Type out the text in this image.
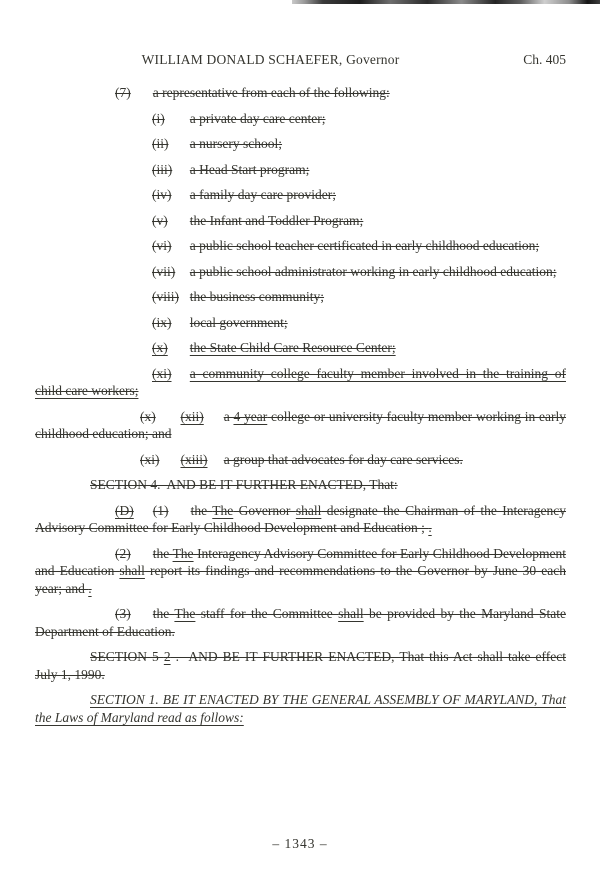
WILLIAM DONALD SCHAEFER, Governor	Ch. 405

(7) a representative from each of the following:

(i) a private day care center;

(ii) a nursery school;

(iii) a Head Start program;

(iv) a family day care provider;

(v) the Infant and Toddler Program;

(vi) a public school teacher certificated in early childhood education;

(vii) a public school administrator working in early childhood education;

(viii) the business community;

(ix) local government;

(x) the State Child Care Resource Center;

(xi) a community college faculty member involved in the training of child care workers;

(x) (xii) a 4 year college or university faculty member working in early childhood education; and

(xi) (xiii) a group that advocates for day care services.

SECTION 4.  AND BE IT FURTHER ENACTED, That:

(D) (1) the The Governor shall designate the Chairman of the Interagency Advisory Committee for Early Childhood Development and Education ; .

(2) the The Interagency Advisory Committee for Early Childhood Development and Education shall report its findings and recommendations to the Governor by June 30 each year; and .

(3) the The staff for the Committee shall be provided by the Maryland State Department of Education.

SECTION 5 2 .  AND BE IT FURTHER ENACTED, That this Act shall take effect July 1, 1990.

SECTION 1. BE IT ENACTED BY THE GENERAL ASSEMBLY OF MARYLAND, That the Laws of Maryland read as follows:

– 1343 –
